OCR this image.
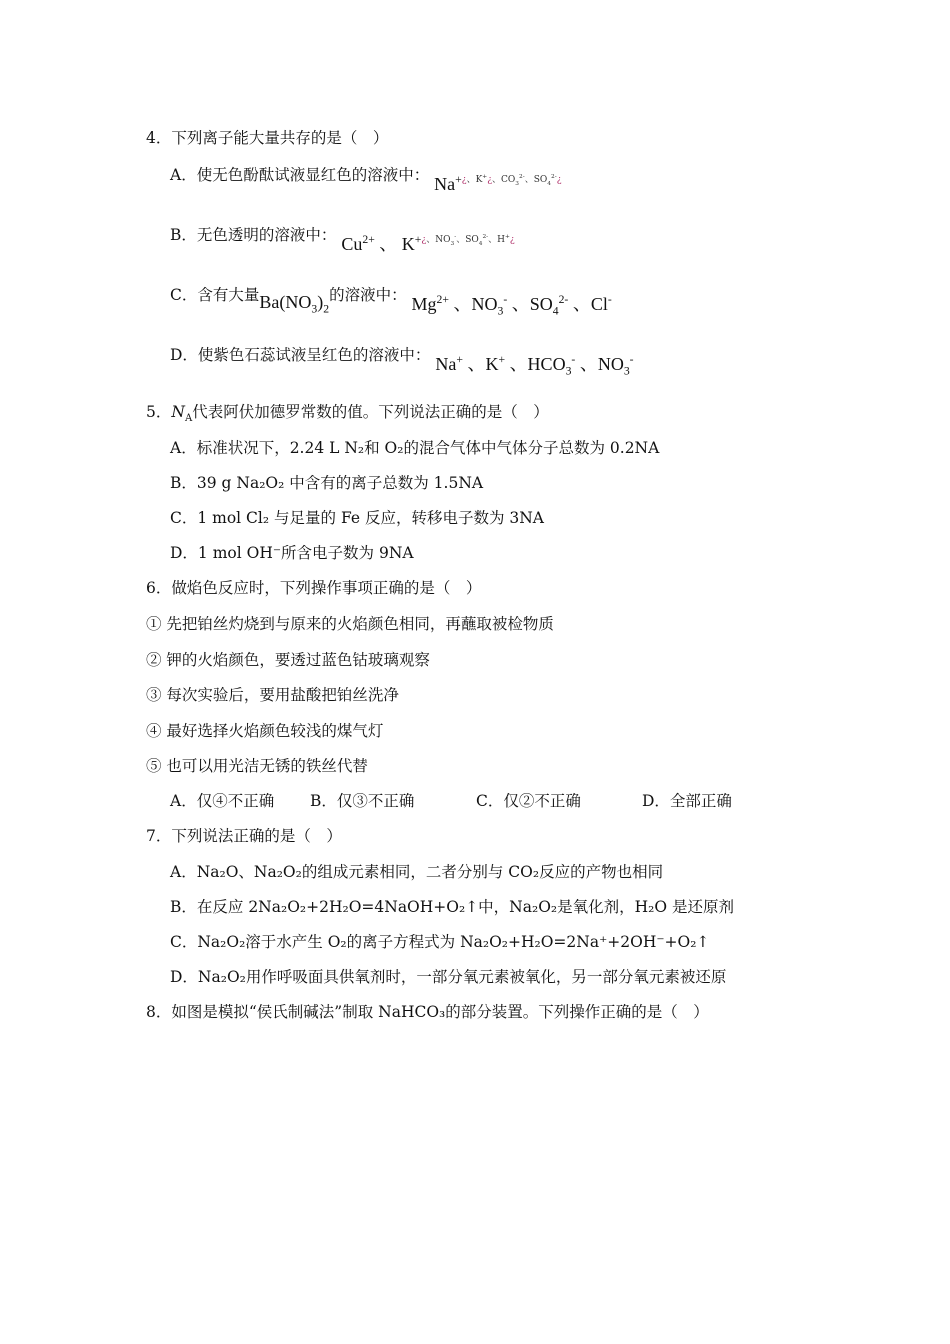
4．下列离子能大量共存的是（　）
A．使无色酚酞试液显红色的溶液中： Na+¿、K+¿、$CO_3^{2-}$、$SO_4^{2-}¿$
B．无色透明的溶液中： $Cu^{2+}$ 、 K+¿、$NO_3^-$、$SO_4^{2-}$、H+¿
C．含有大量$Ba(NO_3)_2$的溶液中： $Mg^{2+}$ 、$NO_3^-$ 、$SO_4^{2-}$ 、Cl-
D．使紫色石蕊试液呈红色的溶液中： Na+ 、K+ 、$HCO_3^-$ 、$NO_3^-$
5．$N_A$代表阿伏加德罗常数的值。下列说法正确的是（　）
A．标准状况下，2.24 L N₂和 O₂的混合气体中气体分子总数为 0.2NA
B．39 g Na₂O₂ 中含有的离子总数为 1.5NA
C．1 mol Cl₂ 与足量的 Fe 反应，转移电子数为 3NA
D．1 mol OH⁻所含电子数为 9NA
6．做焰色反应时，下列操作事项正确的是（　）
① 先把铂丝灼烧到与原来的火焰颜色相同，再蘸取被检物质
② 钾的火焰颜色，要透过蓝色钴玻璃观察
③ 每次实验后，要用盐酸把铂丝洗净
④ 最好选择火焰颜色较浅的煤气灯
⑤ 也可以用光洁无锈的铁丝代替
A．仅④不正确 B．仅③不正确	C．仅②不正确	D．全部正确
7．下列说法正确的是（　）
A．Na₂O、Na₂O₂的组成元素相同，二者分别与 CO₂反应的产物也相同
B．在反应 2Na₂O₂+2H₂O=4NaOH+O₂↑中，Na₂O₂是氧化剂，H₂O 是还原剂
C．Na₂O₂溶于水产生 O₂的离子方程式为 Na₂O₂+H₂O=2Na⁺+2OH⁻+O₂↑
D．Na₂O₂用作呼吸面具供氧剂时，一部分氧元素被氧化，另一部分氧元素被还原
8．如图是模拟“侯氏制碱法”制取 NaHCO₃的部分装置。下列操作正确的是（　）
